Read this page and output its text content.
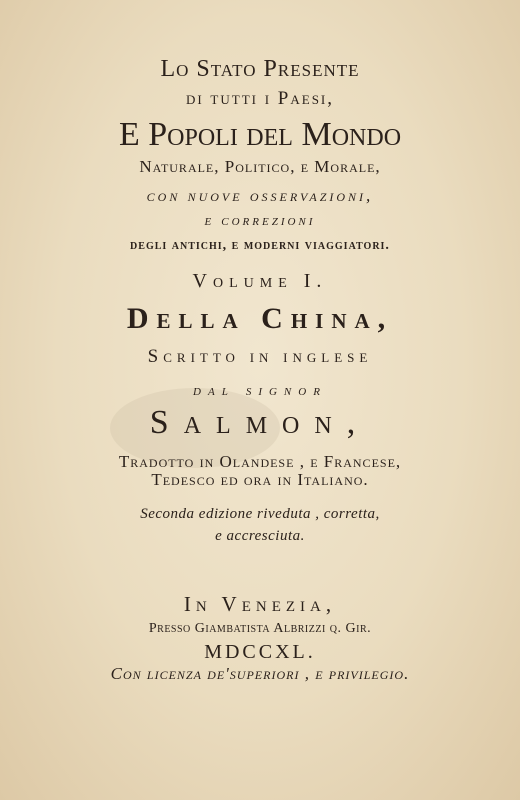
Lo Stato Presente
di tutti i Paesi,
E Popoli del Mondo
Naturale, Politico, e Morale,
con nuove osservazioni,
e correzioni
degli antichi, e moderni viaggiatori.
Volume I.
Della China,
Scritto in inglese
dal signor
Salmon,
Tradotto in Olandese , e Francese,
Tedesco ed ora in Italiano.
Seconda edizione riveduta , corretta,
e accresciuta.
In Venezia,
Presso Giambatista Albrizzi q. Gir.
MDCCXL.
Con licenza de'superiori , e privilegio.
